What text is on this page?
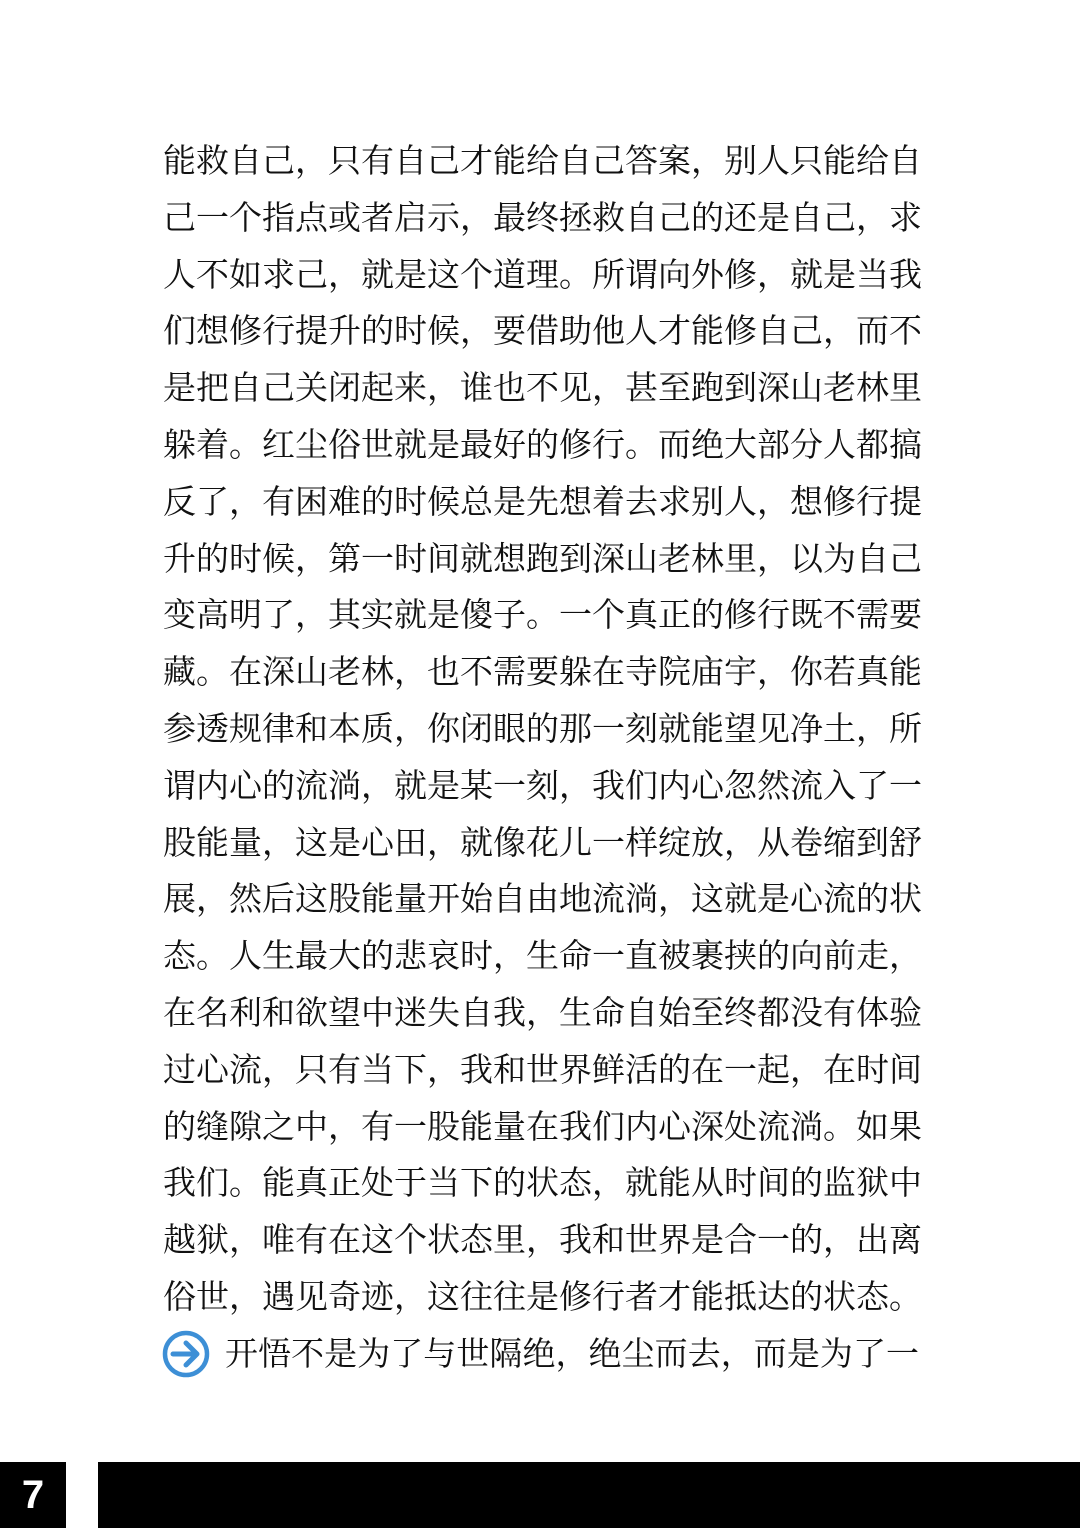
能救自己，只有自己才能给自己答案，别人只能给自
己一个指点或者启示，最终拯救自己的还是自己，求
人不如求己，就是这个道理。所谓向外修，就是当我
们想修行提升的时候，要借助他人才能修自己，而不
是把自己关闭起来，谁也不见，甚至跑到深山老林里
躲着。红尘俗世就是最好的修行。而绝大部分人都搞
反了，有困难的时候总是先想着去求别人，想修行提
升的时候，第一时间就想跑到深山老林里，以为自己
变高明了，其实就是傻子。一个真正的修行既不需要
藏。在深山老林，也不需要躲在寺院庙宇，你若真能
参透规律和本质，你闭眼的那一刻就能望见净土，所
谓内心的流淌，就是某一刻，我们内心忽然流入了一
股能量，这是心田，就像花儿一样绽放，从卷缩到舒
展，然后这股能量开始自由地流淌，这就是心流的状
态。人生最大的悲哀时，生命一直被裹挟的向前走，
在名利和欲望中迷失自我，生命自始至终都没有体验
过心流，只有当下，我和世界鲜活的在一起，在时间
的缝隙之中，有一股能量在我们内心深处流淌。如果
我们。能真正处于当下的状态，就能从时间的监狱中
越狱，唯有在这个状态里，我和世界是合一的，出离
俗世，遇见奇迹，这往往是修行者才能抵达的状态。
开悟不是为了与世隔绝，绝尘而去，而是为了一
7
